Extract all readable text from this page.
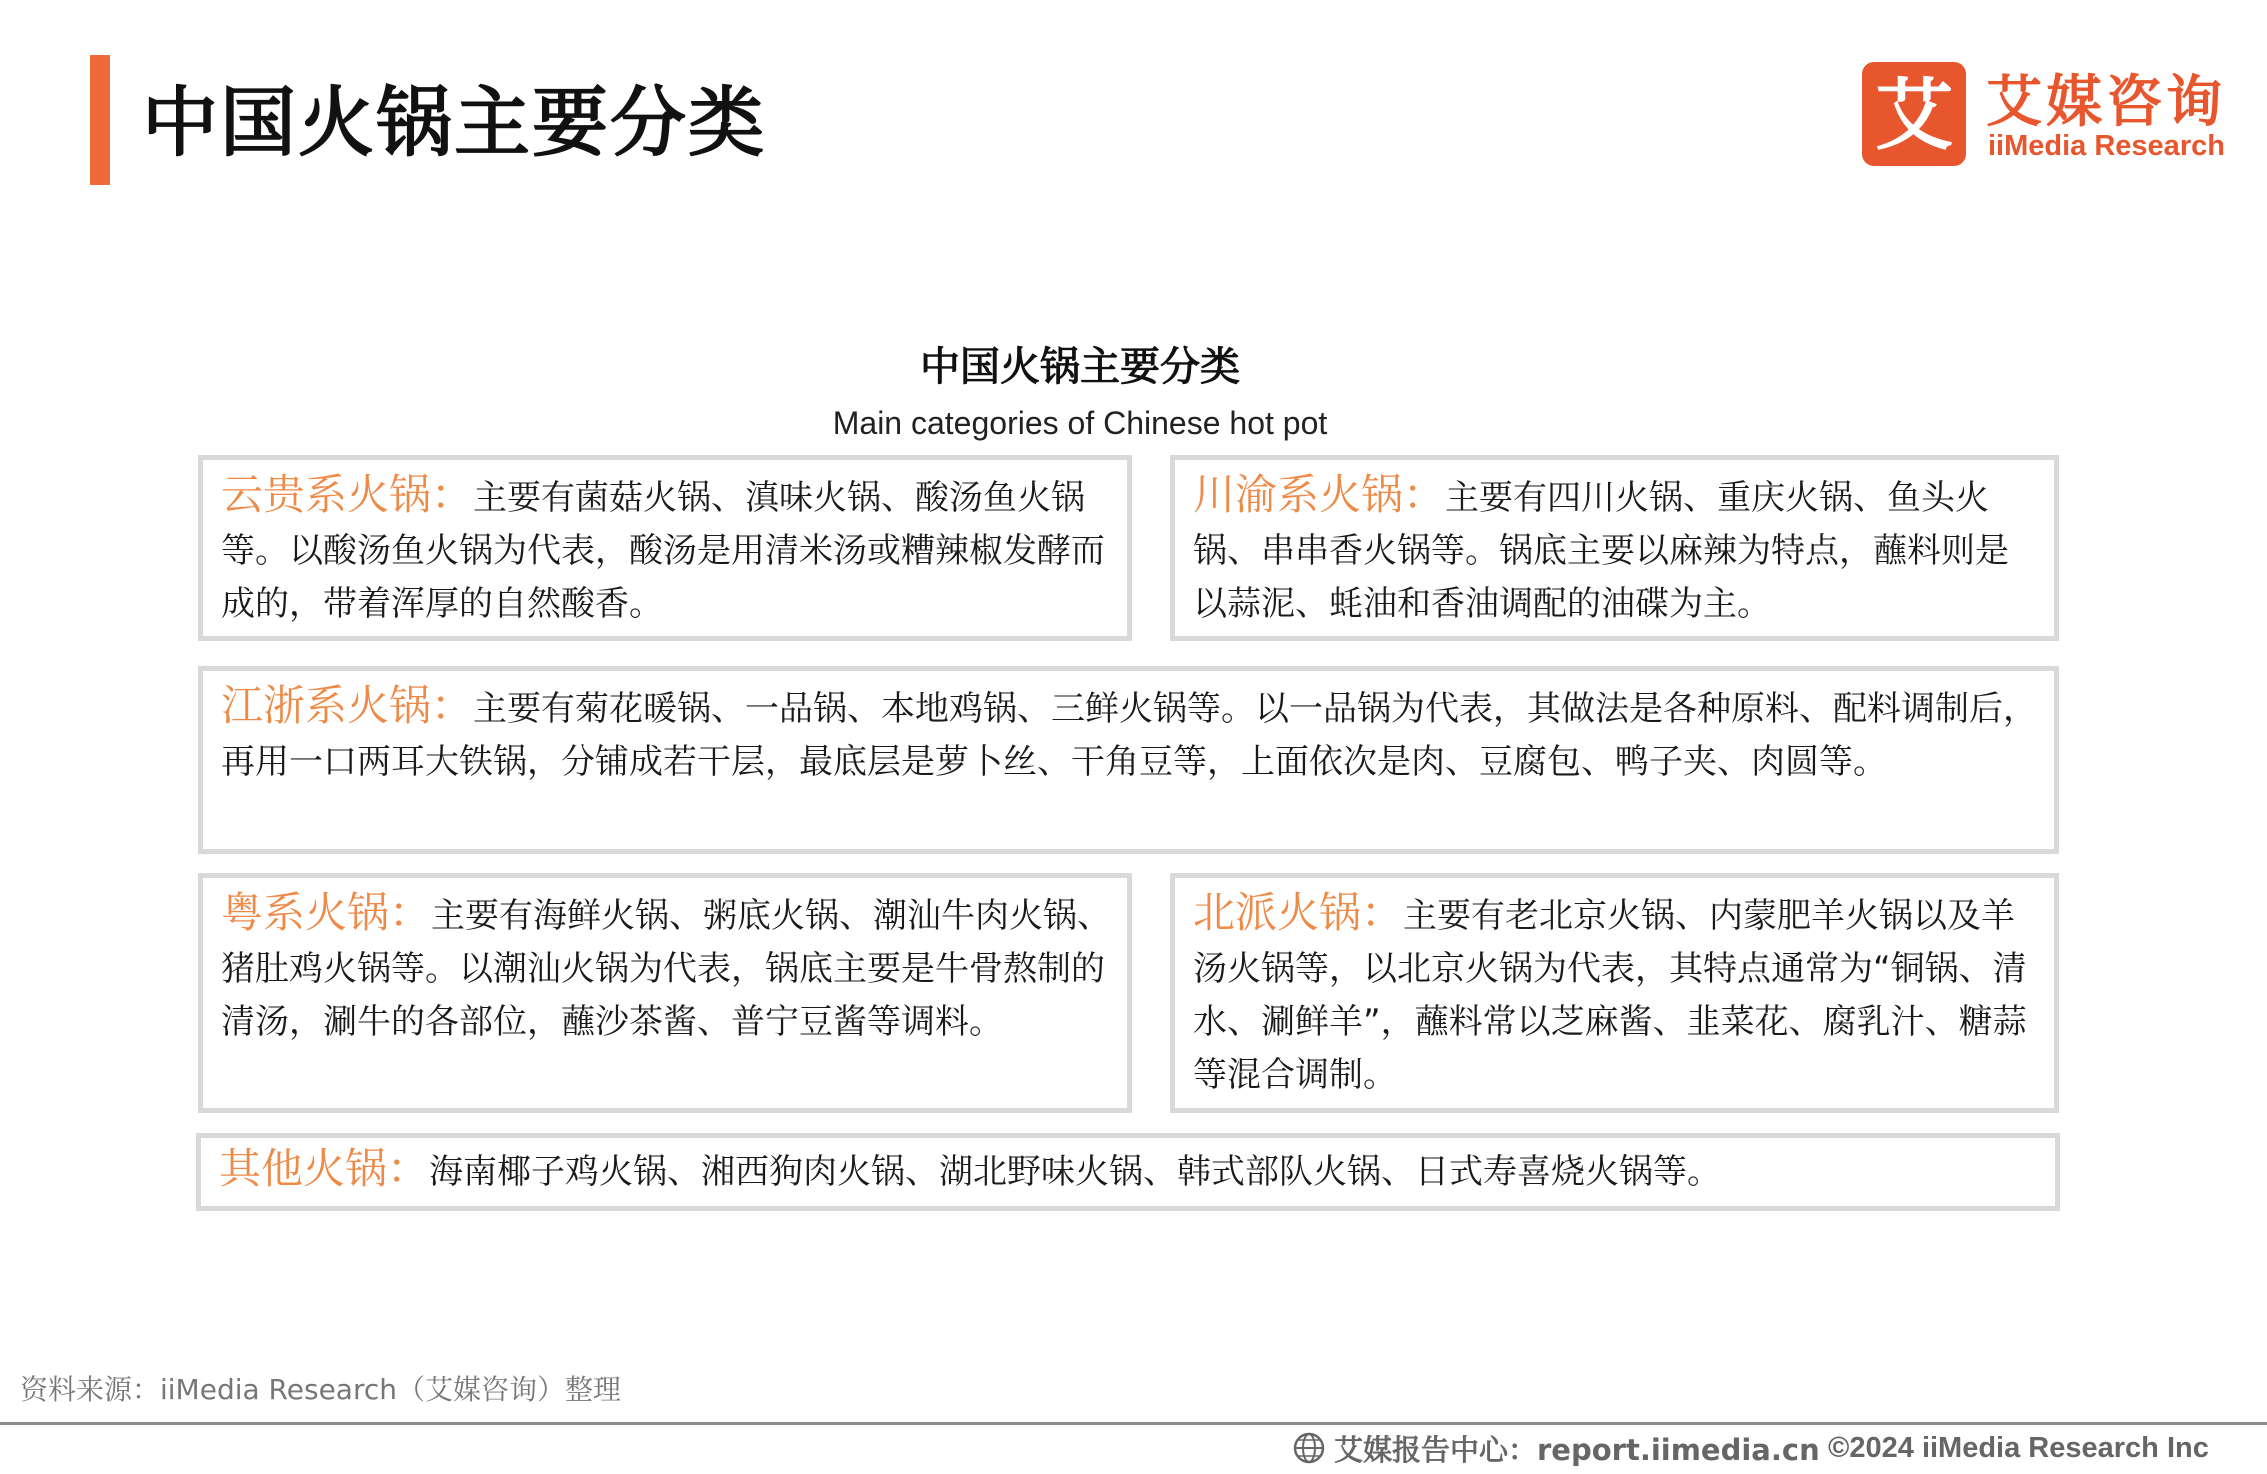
中国火锅主要分类	艾 艾媒咨询
iiMedia Research
中国火锅主要分类
Main categories of Chinese hot pot
云贵系火锅：主要有菌菇火锅、滇味火锅、酸汤鱼火锅等。以酸汤鱼火锅为代表，酸汤是用清米汤或糟辣椒发酵而成的，带着浑厚的自然酸香。
川渝系火锅：主要有四川火锅、重庆火锅、鱼头火锅、串串香火锅等。锅底主要以麻辣为特点，蘸料则是以蒜泥、蚝油和香油调配的油碟为主。
江浙系火锅：主要有菊花暖锅、一品锅、本地鸡锅、三鲜火锅等。以一品锅为代表，其做法是各种原料、配料调制后，再用一口两耳大铁锅，分铺成若干层，最底层是萝卜丝、干角豆等，上面依次是肉、豆腐包、鸭子夹、肉圆等。
粤系火锅：主要有海鲜火锅、粥底火锅、潮汕牛肉火锅、猪肚鸡火锅等。以潮汕火锅为代表，锅底主要是牛骨熬制的清汤，涮牛的各部位，蘸沙茶酱、普宁豆酱等调料。
北派火锅：主要有老北京火锅、内蒙肥羊火锅以及羊汤火锅等，以北京火锅为代表，其特点通常为“铜锅、清水、涮鲜羊”，蘸料常以芝麻酱、韭菜花、腐乳汁、糖蒜等混合调制。
其他火锅：海南椰子鸡火锅、湘西狗肉火锅、湖北野味火锅、韩式部队火锅、日式寿喜烧火锅等。
资料来源：iiMedia Research（艾媒咨询）整理
艾媒报告中心：report.iimedia.cn ©2024 iiMedia Research Inc
